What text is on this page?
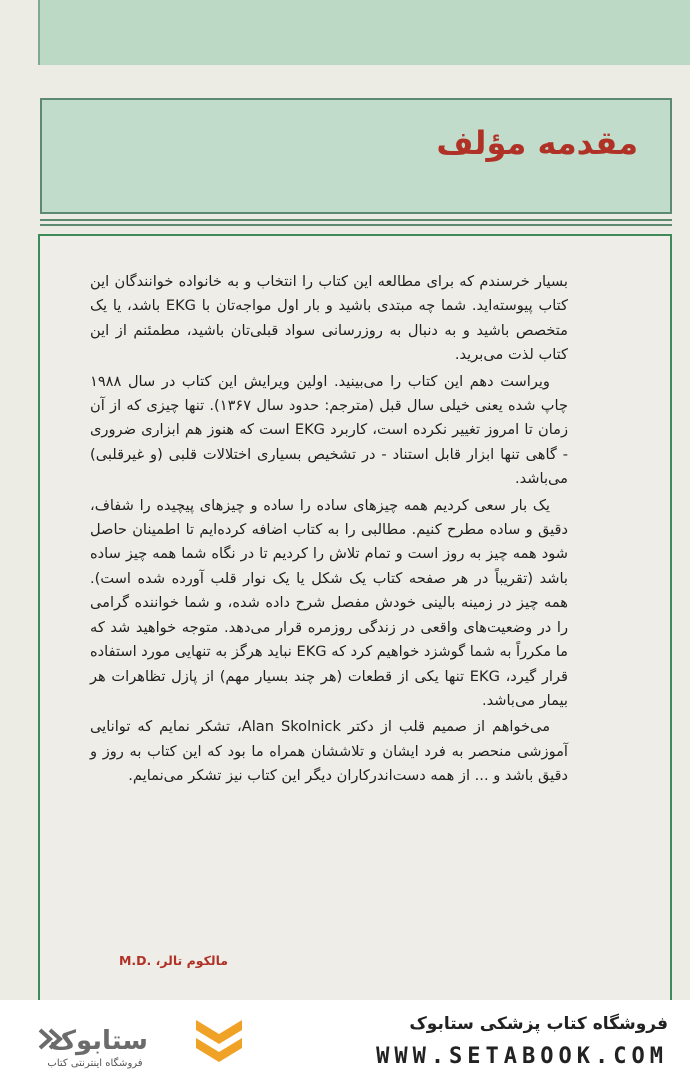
مقدمه مؤلف

بسیار خرسندم که برای مطالعه این کتاب را انتخاب و به خانواده خوانندگان این کتاب پیوسته‌اید. شما چه مبتدی باشید و بار اول مواجه‌تان با EKG باشد، یا یک متخصص باشید و به دنبال به روزرسانی سواد قبلی‌تان باشید، مطمئنم از این کتاب لذت می‌برید.

ویراست دهم این کتاب را می‌بینید. اولین ویرایش این کتاب در سال ۱۹۸۸ چاپ شده یعنی خیلی سال قبل (مترجم: حدود سال ۱۳۶۷). تنها چیزی که از آن زمان تا امروز تغییر نکرده است، کاربرد EKG است که هنوز هم ابزاری ضروری - گاهی تنها ابزار قابل استناد - در تشخیص بسیاری اختلالات قلبی (و غیرقلبی) می‌باشد.

یک بار سعی کردیم همه چیزهای ساده را ساده و چیزهای پیچیده را شفاف، دقیق و ساده مطرح کنیم. مطالبی را به کتاب اضافه کرده‌ایم تا اطمینان حاصل شود همه چیز به روز است و تمام تلاش را کردیم تا در نگاه شما همه چیز ساده باشد (تقریباً در هر صفحه کتاب یک شکل یا یک نوار قلب آورده شده است). همه چیز در زمینه بالینی خودش مفصل شرح داده شده، و شما خواننده گرامی را در وضعیت‌های واقعی در زندگی روزمره قرار می‌دهد. متوجه خواهید شد که ما مکرراً به شما گوشزد خواهیم کرد که EKG نباید هرگز به تنهایی مورد استفاده قرار گیرد، EKG تنها یکی از قطعات (هر چند بسیار مهم) از پازل تظاهرات هر بیمار می‌باشد.

می‌خواهم از صمیم قلب از دکتر Alan Skolnick، تشکر نمایم که توانایی آموزشی منحصر به فرد ایشان و تلاششان همراه ما بود که این کتاب به روز و دقیق باشد و ... از همه دست‌اندرکاران دیگر این کتاب نیز تشکر می‌نمایم.

مالکوم تالر، .M.D
ستابوک
فروشگاه اینترنتی کتاب
فروشگاه کتاب پزشکی ستابوک
WWW.SETABOOK.COM
